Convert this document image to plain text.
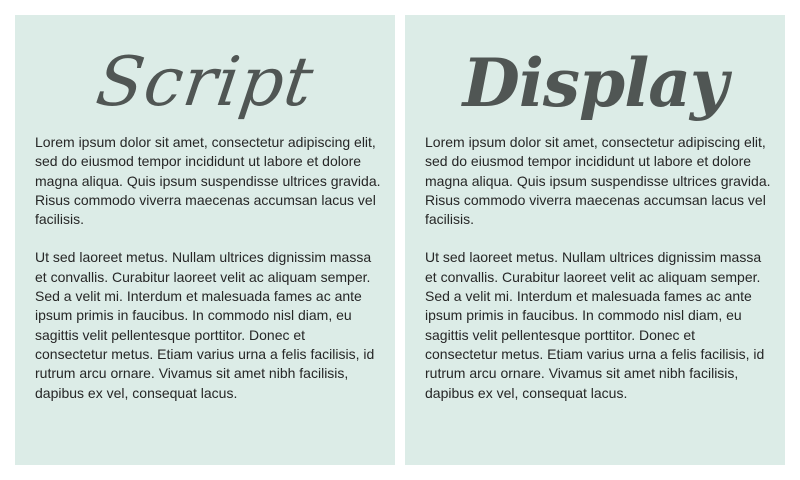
Script

Lorem ipsum dolor sit amet, consectetur adipiscing elit, sed do eiusmod tempor incididunt ut labore et dolore magna aliqua. Quis ipsum suspendisse ultrices gravida. Risus commodo viverra maecenas accumsan lacus vel facilisis.

Ut sed laoreet metus. Nullam ultrices dignissim massa et convallis. Curabitur laoreet velit ac aliquam semper. Sed a velit mi. Interdum et malesuada fames ac ante ipsum primis in faucibus. In commodo nisl diam, eu sagittis velit pellentesque porttitor. Donec et consectetur metus. Etiam varius urna a felis facilisis, id rutrum arcu ornare. Vivamus sit amet nibh facilisis, dapibus ex vel, consequat lacus.

Display

Lorem ipsum dolor sit amet, consectetur adipiscing elit, sed do eiusmod tempor incididunt ut labore et dolore magna aliqua. Quis ipsum suspendisse ultrices gravida. Risus commodo viverra maecenas accumsan lacus vel facilisis.

Ut sed laoreet metus. Nullam ultrices dignissim massa et convallis. Curabitur laoreet velit ac aliquam semper. Sed a velit mi. Interdum et malesuada fames ac ante ipsum primis in faucibus. In commodo nisl diam, eu sagittis velit pellentesque porttitor. Donec et consectetur metus. Etiam varius urna a felis facilisis, id rutrum arcu ornare. Vivamus sit amet nibh facilisis, dapibus ex vel, consequat lacus.
